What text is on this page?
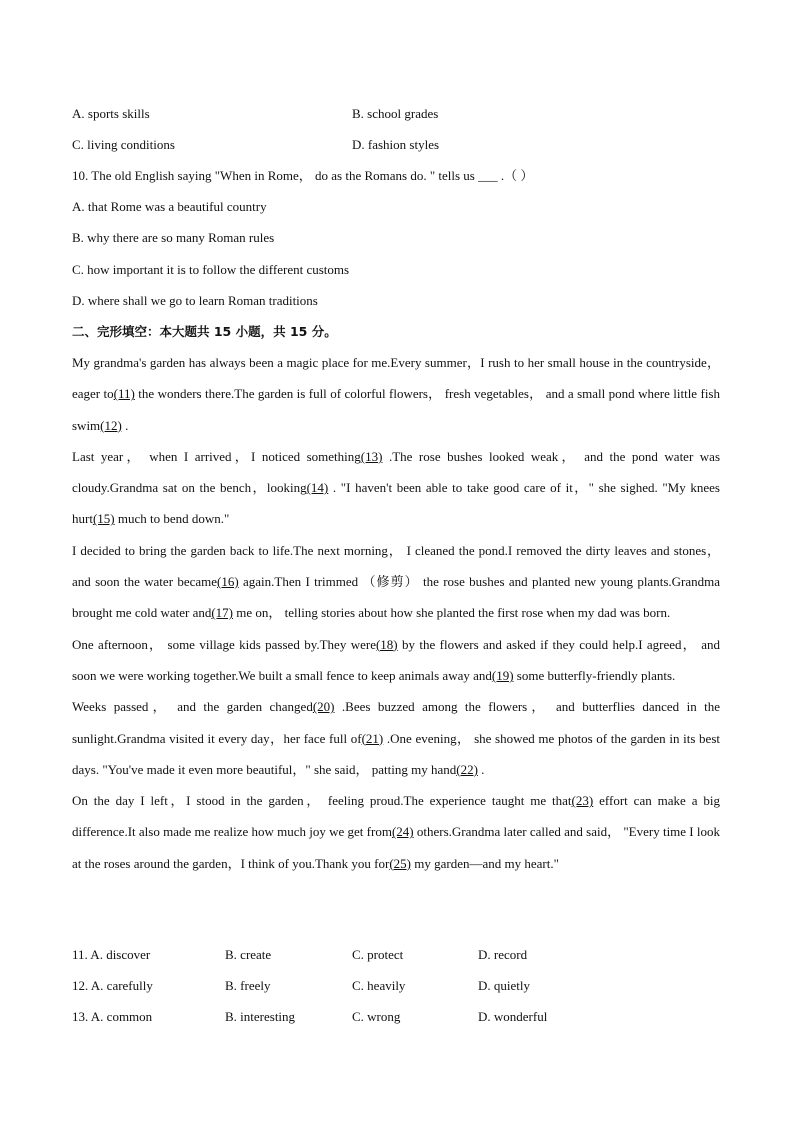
A. sports skills	B. school grades
C. living conditions	D. fashion styles
10. The old English saying "When in Rome， do as the Romans do. " tells us ___ .（ ）
A. that Rome was a beautiful country
B. why there are so many Roman rules
C. how important it is to follow the different customs
D. where shall we go to learn Roman traditions
二、完形填空：本大题共 15 小题，共 15 分。
My grandma's garden has always been a magic place for me.Every summer，I rush to her small house in the countryside，eager to(11) the wonders there.The garden is full of colorful flowers， fresh vegetables， and a small pond where little fish swim(12) .
Last year， when I arrived，I noticed something(13) .The rose bushes looked weak， and the pond water was cloudy.Grandma sat on the bench，looking(14) . "I haven't been able to take good care of it，" she sighed. "My knees hurt(15) much to bend down."
I decided to bring the garden back to life.The next morning， I cleaned the pond.I removed the dirty leaves and stones， and soon the water became(16) again.Then I trimmed （修剪） the rose bushes and planted new young plants.Grandma brought me cold water and(17) me on， telling stories about how she planted the first rose when my dad was born.
One afternoon， some village kids passed by.They were(18) by the flowers and asked if they could help.I agreed， and soon we were working together.We built a small fence to keep animals away and(19) some butterfly-friendly plants.
Weeks passed， and the garden changed(20) .Bees buzzed among the flowers， and butterflies danced in the sunlight.Grandma visited it every day，her face full of(21) .One evening， she showed me photos of the garden in its best days. "You've made it even more beautiful，" she said， patting my hand(22) .
On the day I left，I stood in the garden， feeling proud.The experience taught me that(23) effort can make a big difference.It also made me realize how much joy we get from(24) others.Grandma later called and said， "Every time I look at the roses around the garden，I think of you.Thank you for(25) my garden—and my heart."
11. A. discover	B. create	C. protect	D. record
12. A. carefully	B. freely	C. heavily	D. quietly
13. A. common	B. interesting	C. wrong	D. wonderful
